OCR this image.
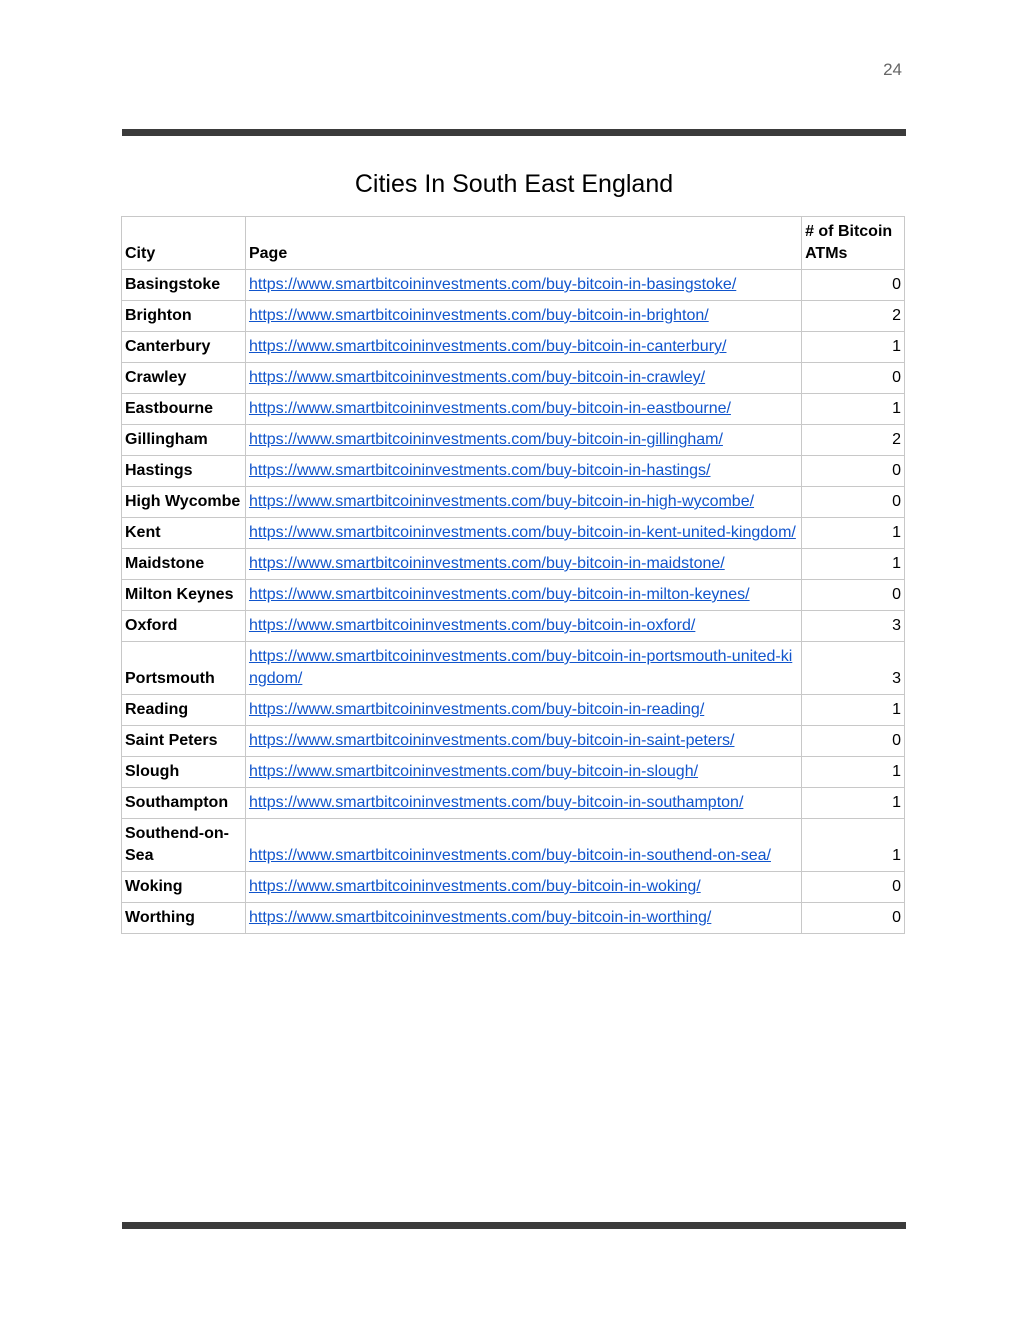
24
Cities In South East England
City	Page	# of Bitcoin ATMs
Basingstoke	https://www.smartbitcoininvestments.com/buy-bitcoin-in-basingstoke/	0
Brighton	https://www.smartbitcoininvestments.com/buy-bitcoin-in-brighton/	2
Canterbury	https://www.smartbitcoininvestments.com/buy-bitcoin-in-canterbury/	1
Crawley	https://www.smartbitcoininvestments.com/buy-bitcoin-in-crawley/	0
Eastbourne	https://www.smartbitcoininvestments.com/buy-bitcoin-in-eastbourne/	1
Gillingham	https://www.smartbitcoininvestments.com/buy-bitcoin-in-gillingham/	2
Hastings	https://www.smartbitcoininvestments.com/buy-bitcoin-in-hastings/	0
High Wycombe	https://www.smartbitcoininvestments.com/buy-bitcoin-in-high-wycombe/	0
Kent	https://www.smartbitcoininvestments.com/buy-bitcoin-in-kent-united-kingdom/	1
Maidstone	https://www.smartbitcoininvestments.com/buy-bitcoin-in-maidstone/	1
Milton Keynes	https://www.smartbitcoininvestments.com/buy-bitcoin-in-milton-keynes/	0
Oxford	https://www.smartbitcoininvestments.com/buy-bitcoin-in-oxford/	3
Portsmouth	https://www.smartbitcoininvestments.com/buy-bitcoin-in-portsmouth-united-kingdom/	3
Reading	https://www.smartbitcoininvestments.com/buy-bitcoin-in-reading/	1
Saint Peters	https://www.smartbitcoininvestments.com/buy-bitcoin-in-saint-peters/	0
Slough	https://www.smartbitcoininvestments.com/buy-bitcoin-in-slough/	1
Southampton	https://www.smartbitcoininvestments.com/buy-bitcoin-in-southampton/	1
Southend-on-Sea	https://www.smartbitcoininvestments.com/buy-bitcoin-in-southend-on-sea/	1
Woking	https://www.smartbitcoininvestments.com/buy-bitcoin-in-woking/	0
Worthing	https://www.smartbitcoininvestments.com/buy-bitcoin-in-worthing/	0
